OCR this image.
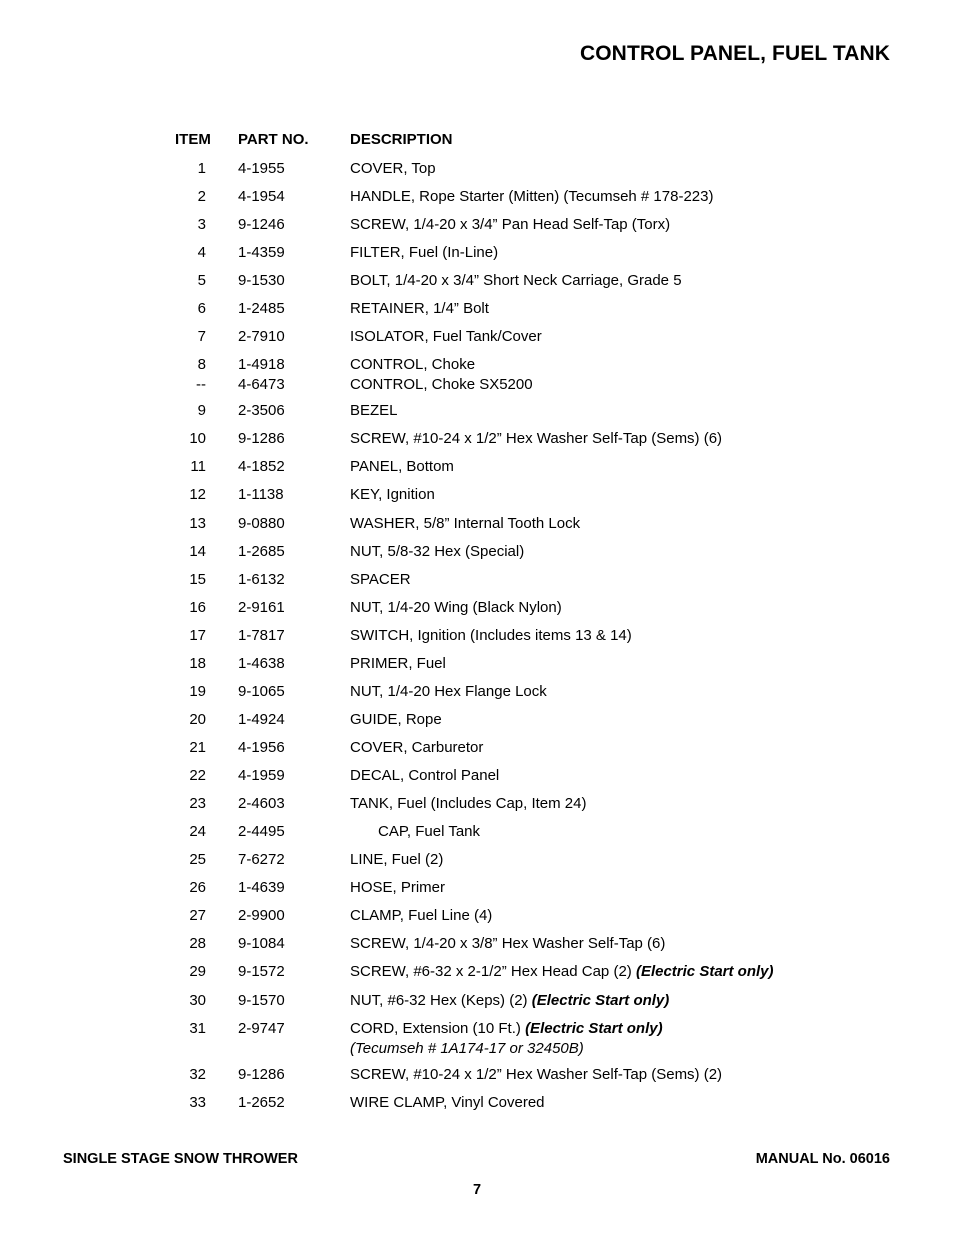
CONTROL PANEL, FUEL TANK
ITEM PART NO.	DESCRIPTION
1 4-1955	COVER, Top
2 4-1954	HANDLE, Rope Starter (Mitten) (Tecumseh # 178-223)
3 9-1246	SCREW, 1/4-20 x 3/4” Pan Head Self-Tap (Torx)
4 1-4359	FILTER, Fuel (In-Line)
5 9-1530	BOLT, 1/4-20 x 3/4” Short Neck Carriage, Grade 5
6 1-2485	RETAINER, 1/4” Bolt
7 2-7910	ISOLATOR, Fuel Tank/Cover
8 1-4918	CONTROL, Choke
-- 4-6473	CONTROL, Choke SX5200
9 2-3506	BEZEL
10 9-1286	SCREW, #10-24 x 1/2” Hex Washer Self-Tap (Sems) (6)
11 4-1852	PANEL, Bottom
12 1-1138	KEY, Ignition
13 9-0880	WASHER, 5/8” Internal Tooth Lock
14 1-2685	NUT, 5/8-32 Hex (Special)
15 1-6132	SPACER
16 2-9161	NUT, 1/4-20 Wing (Black Nylon)
17 1-7817	SWITCH, Ignition (Includes items 13 & 14)
18 1-4638	PRIMER, Fuel
19 9-1065	NUT, 1/4-20 Hex Flange Lock
20 1-4924	GUIDE, Rope
21 4-1956	COVER, Carburetor
22 4-1959	DECAL, Control Panel
23 2-4603	TANK, Fuel (Includes Cap, Item 24)
24 2-4495	CAP, Fuel Tank
25 7-6272	LINE, Fuel (2)
26 1-4639	HOSE, Primer
27 2-9900	CLAMP, Fuel Line (4)
28 9-1084	SCREW, 1/4-20 x 3/8” Hex Washer Self-Tap (6)
29 9-1572	SCREW, #6-32 x 2-1/2” Hex Head Cap (2) (Electric Start only)
30 9-1570	NUT, #6-32 Hex (Keps) (2) (Electric Start only)
31 2-9747	CORD, Extension (10 Ft.) (Electric Start only)
(Tecumseh # 1A174-17 or 32450B)
32 9-1286	SCREW, #10-24 x 1/2” Hex Washer Self-Tap (Sems) (2)
33 1-2652	WIRE CLAMP, Vinyl Covered
SINGLE STAGE SNOW THROWER	MANUAL No. 06016
7
